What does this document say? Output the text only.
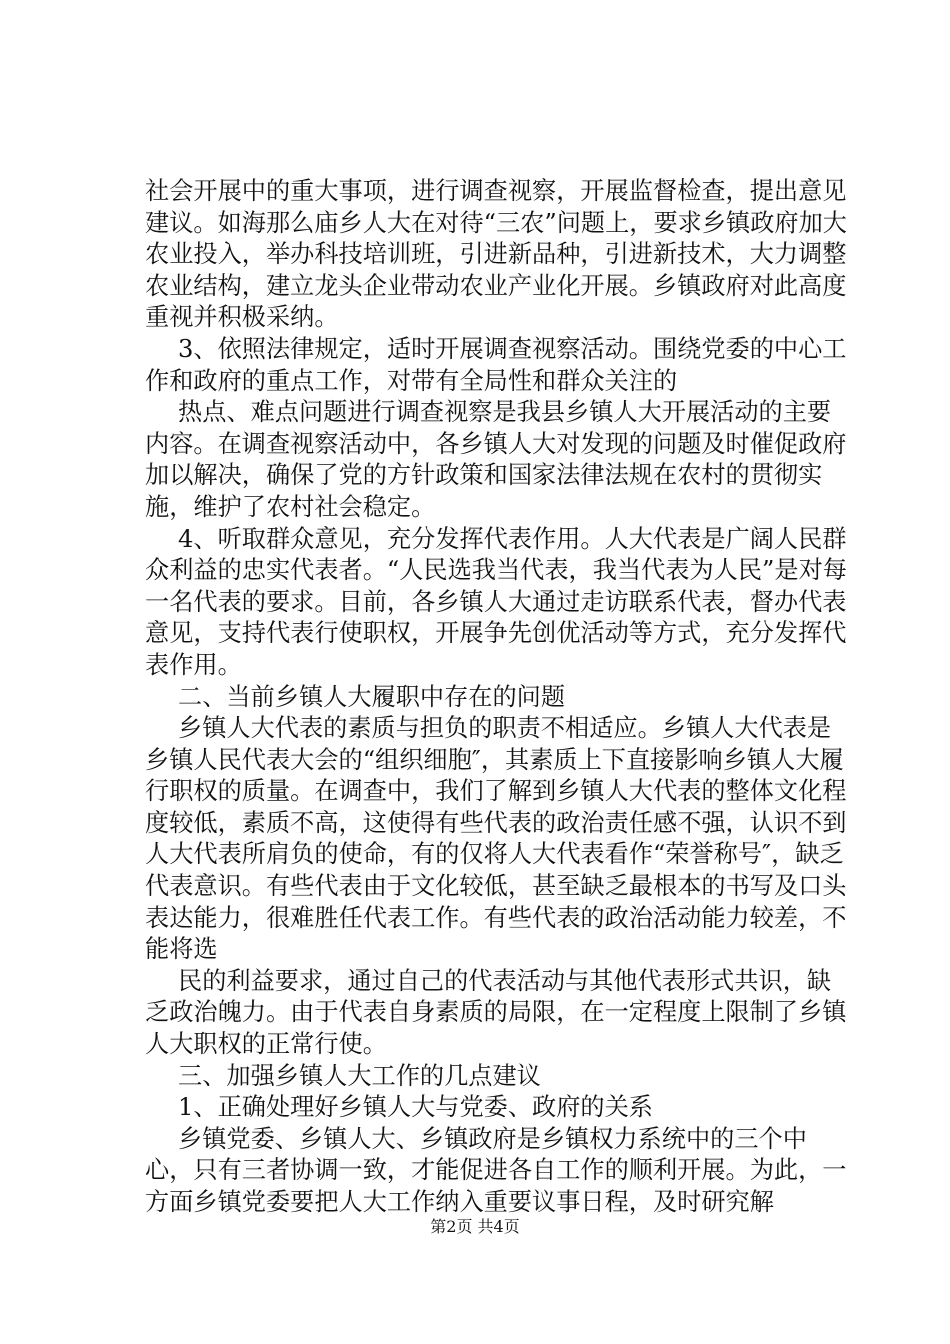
社会开展中的重大事项，进行调查视察，开展监督检查，提出意见建议。如海那么庙乡人大在对待“三农”问题上，要求乡镇政府加大农业投入，举办科技培训班，引进新品种，引进新技术，大力调整农业结构，建立龙头企业带动农业产业化开展。乡镇政府对此高度重视并积极采纳。

3、依照法律规定，适时开展调查视察活动。围绕党委的中心工作和政府的重点工作，对带有全局性和群众关注的

热点、难点问题进行调查视察是我县乡镇人大开展活动的主要内容。在调查视察活动中，各乡镇人大对发现的问题及时催促政府加以解决，确保了党的方针政策和国家法律法规在农村的贯彻实施，维护了农村社会稳定。

4、听取群众意见，充分发挥代表作用。人大代表是广阔人民群众利益的忠实代表者。“人民选我当代表，我当代表为人民”是对每一名代表的要求。目前，各乡镇人大通过走访联系代表，督办代表意见，支持代表行使职权，开展争先创优活动等方式，充分发挥代表作用。

二、当前乡镇人大履职中存在的问题

乡镇人大代表的素质与担负的职责不相适应。乡镇人大代表是乡镇人民代表大会的“组织细胞″，其素质上下直接影响乡镇人大履行职权的质量。在调查中，我们了解到乡镇人大代表的整体文化程度较低，素质不高，这使得有些代表的政治责任感不强，认识不到人大代表所肩负的使命，有的仅将人大代表看作“荣誉称号″，缺乏代表意识。有些代表由于文化较低，甚至缺乏最根本的书写及口头表达能力，很难胜任代表工作。有些代表的政治活动能力较差，不能将选

民的利益要求，通过自己的代表活动与其他代表形式共识，缺乏政治魄力。由于代表自身素质的局限，在一定程度上限制了乡镇人大职权的正常行使。

三、加强乡镇人大工作的几点建议

1、正确处理好乡镇人大与党委、政府的关系

乡镇党委、乡镇人大、乡镇政府是乡镇权力系统中的三个中心，只有三者协调一致，才能促进各自工作的顺利开展。为此，一方面乡镇党委要把人大工作纳入重要议事日程，及时研究解

第2页 共4页
